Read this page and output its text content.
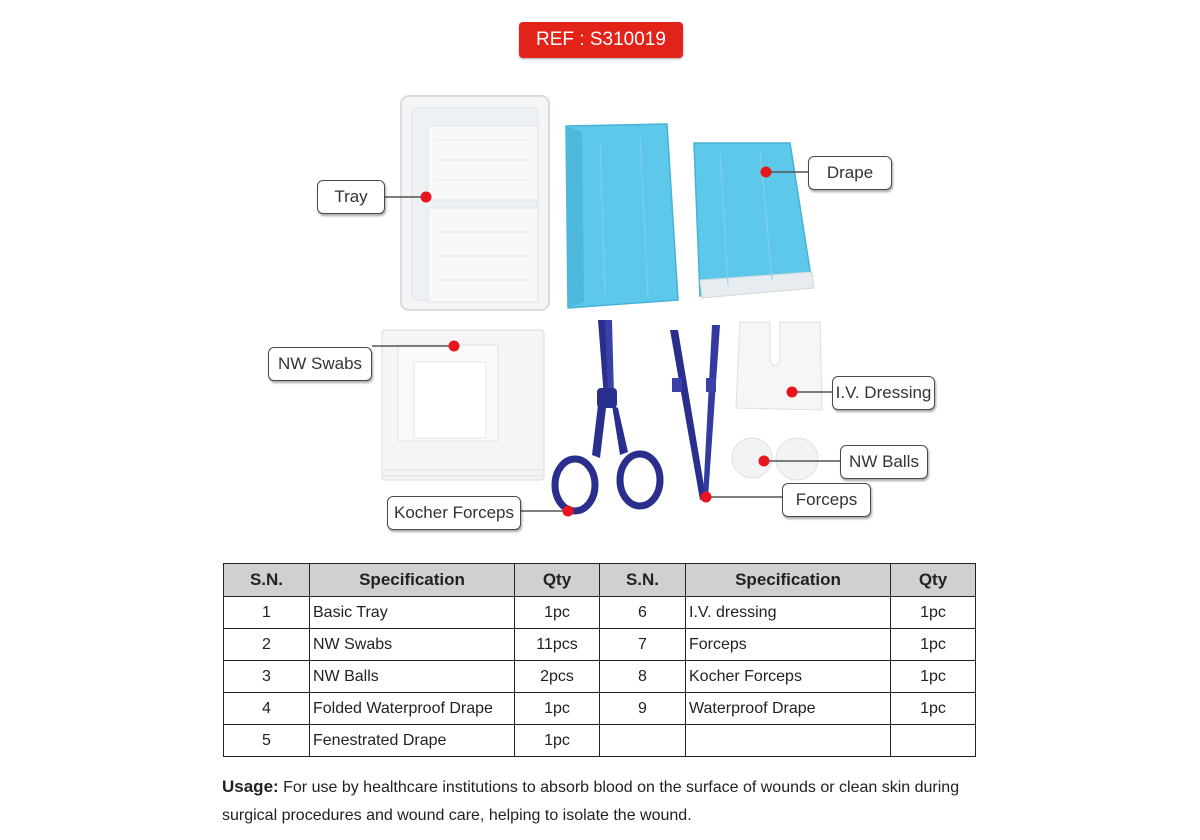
REF : S310019
Tray
Drape
NW Swabs
I.V. Dressing
NW Balls
Forceps
Kocher Forceps
S.N.	Specification	Qty	S.N.	Specification	Qty
1	Basic Tray	1pc	6	I.V. dressing	1pc
2	NW Swabs	11pcs	7	Forceps	1pc
3	NW Balls	2pcs	8	Kocher Forceps	1pc
4	Folded Waterproof Drape	1pc	9	Waterproof Drape	1pc
5	Fenestrated Drape	1pc			
Usage: For use by healthcare institutions to absorb blood on the surface of wounds or clean skin during surgical procedures and wound care, helping to isolate the wound.
